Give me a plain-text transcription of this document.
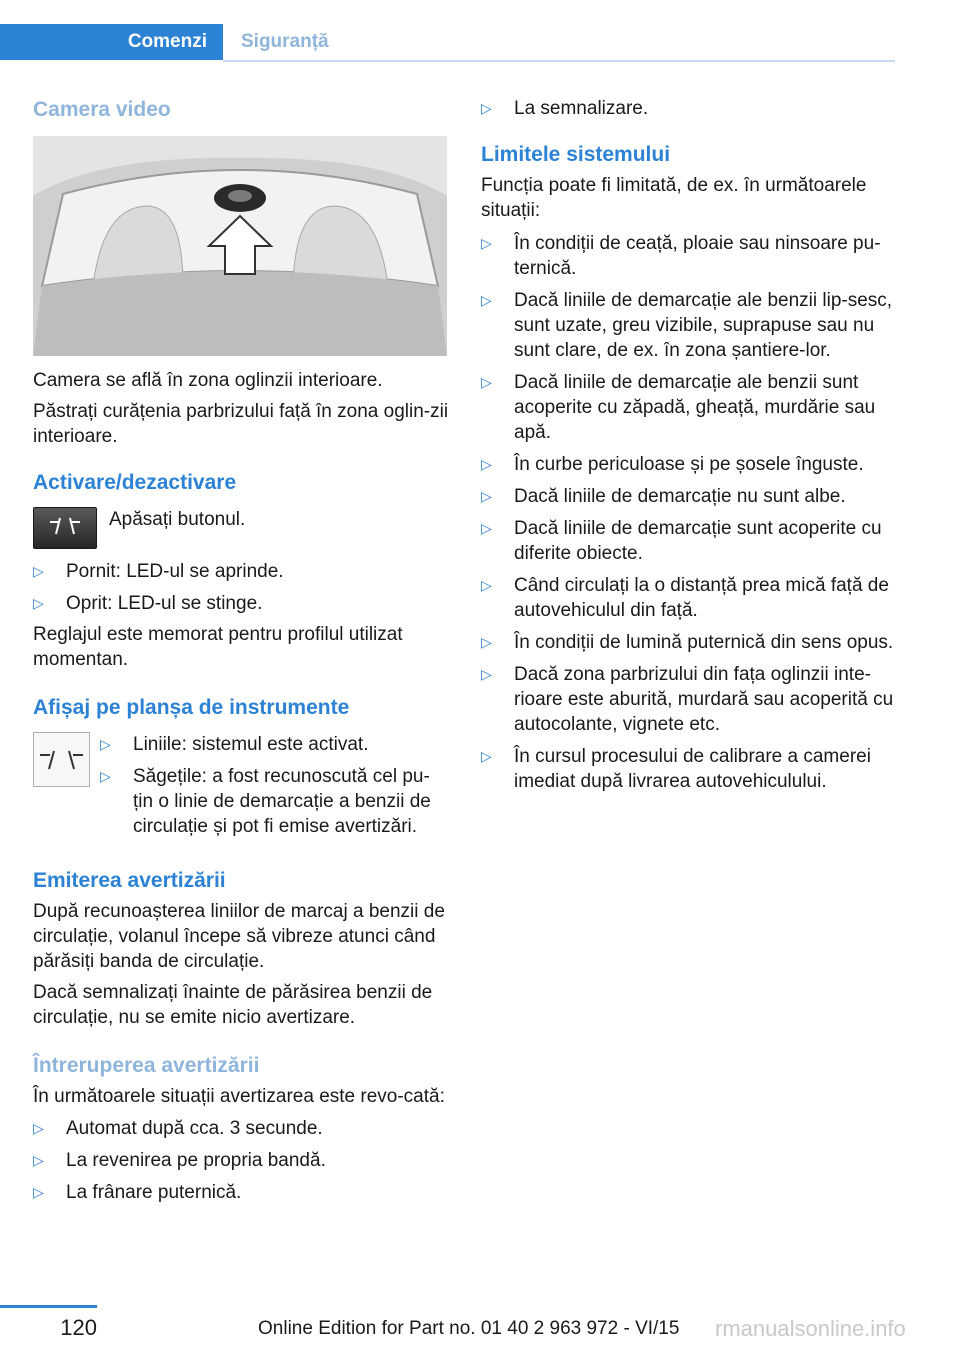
Comenzi	Siguranță
Camera video

Camera se află în zona oglinzii interioare.

Păstrați curățenia parbrizului față în zona oglin‐zii interioare.

Activare/dezactivare

Apăsați butonul.

▷ Pornit: LED-ul se aprinde.
▷ Oprit: LED-ul se stinge.

Reglajul este memorat pentru profilul utilizat momentan.

Afișaj pe planșa de instrumente
▷ Liniile: sistemul este activat.
▷ Săgețile: a fost recunoscută cel pu‐țin o linie de demarcație a benzii de circulație și pot fi emise avertizări.
Emiterea avertizării

După recunoașterea liniilor de marcaj a benzii de circulație, volanul începe să vibreze atunci când părăsiți banda de circulație.

Dacă semnalizați înainte de părăsirea benzii de circulație, nu se emite nicio avertizare.

Întreruperea avertizării

În următoarele situații avertizarea este revo‐cată:

▷ Automat după cca. 3 secunde.
▷ La revenirea pe propria bandă.
▷ La frânare puternică.
▷ La semnalizare.
Limitele sistemului

Funcția poate fi limitată, de ex. în următoarele situații:

▷ În condiții de ceață, ploaie sau ninsoare pu‐ternică.
▷ Dacă liniile de demarcație ale benzii lip‐sesc, sunt uzate, greu vizibile, suprapuse sau nu sunt clare, de ex. în zona șantiere‐lor.
▷ Dacă liniile de demarcație ale benzii sunt acoperite cu zăpadă, gheață, murdărie sau apă.
▷ În curbe periculoase și pe șosele înguste.
▷ Dacă liniile de demarcație nu sunt albe.
▷ Dacă liniile de demarcație sunt acoperite cu diferite obiecte.
▷ Când circulați la o distanță prea mică față de autovehiculul din față.
▷ În condiții de lumină puternică din sens opus.
▷ Dacă zona parbrizului din fața oglinzii inte‐rioare este aburită, murdară sau acoperită cu autocolante, vignete etc.
▷ În cursul procesului de calibrare a camerei imediat după livrarea autovehiculului.
120	Online Edition for Part no. 01 40 2 963 972 - VI/15 rmanualsonline.info
